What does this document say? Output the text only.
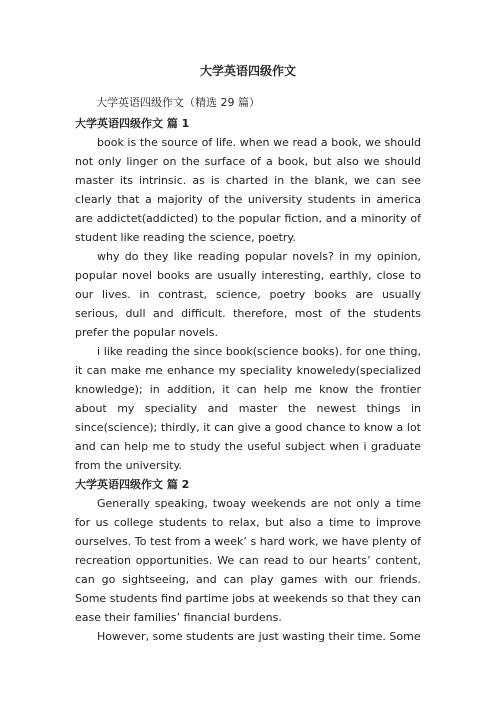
大学英语四级作文
大学英语四级作文（精选 29 篇）
大学英语四级作文 篇 1

book is the source of life. when we read a book, we should not only linger on the surface of a book, but also we should master its intrinsic. as is charted in the blank, we can see clearly that a majority of the university students in america are addictet(addicted) to the popular fiction, and a minority of student like reading the science, poetry.

why do they like reading popular novels? in my opinion, popular novel books are usually interesting, earthly, close to our lives. in contrast, science, poetry books are usually serious, dull and difficult. therefore, most of the students prefer the popular novels.

i like reading the since book(science books). for one thing, it can make me enhance my speciality knoweledy(specialized knowledge); in addition, it can help me know the frontier about my speciality and master the newest things in since(science); thirdly, it can give a good chance to know a lot and can help me to study the useful subject when i graduate from the university.

大学英语四级作文 篇 2

Generally speaking, twoay weekends are not only a time for us college students to relax, but also a time to improve ourselves. To test from a week’ s hard work, we have plenty of recreation opportunities. We can read to our hearts’ content, can go sightseeing, and can play games with our friends. Some students find partime jobs at weekends so that they can ease their families’ financial burdens.

However, some students are just wasting their time. Some
